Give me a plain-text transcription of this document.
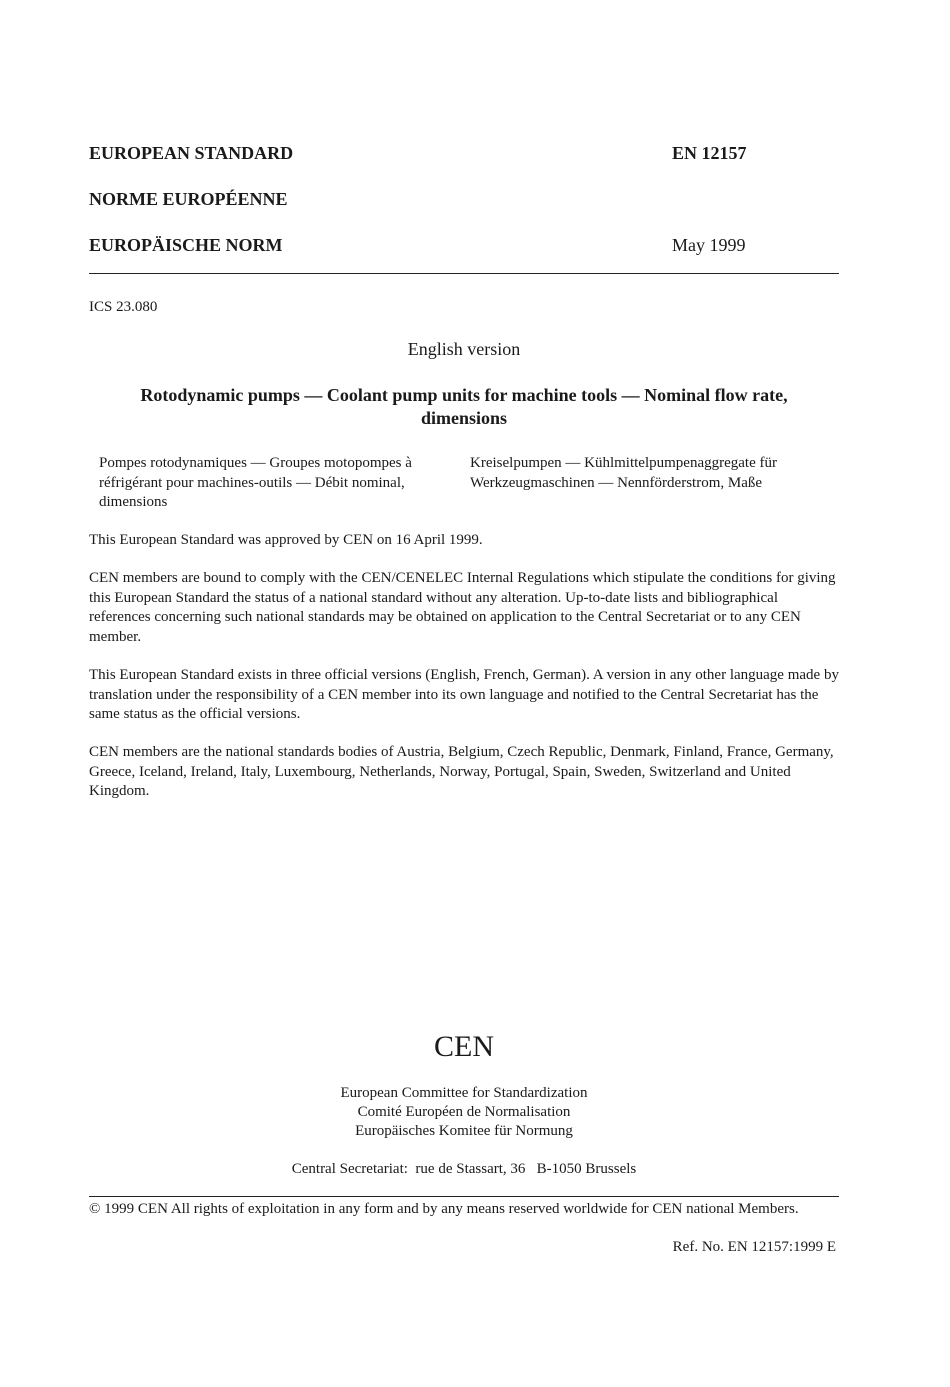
EUROPEAN STANDARD	EN 12157
NORME EUROPÉENNE
EUROPÄISCHE NORM	May 1999
ICS 23.080
English version
Rotodynamic pumps — Coolant pump units for machine tools — Nominal flow rate,
dimensions
Pompes rotodynamiques — Groupes motopompes à réfrigérant pour machines-outils — Débit nominal, dimensions
Kreiselpumpen — Kühlmittelpumpenaggregate für Werkzeugmaschinen — Nennförderstrom, Maße
This European Standard was approved by CEN on 16 April 1999.
CEN members are bound to comply with the CEN/CENELEC Internal Regulations which stipulate the conditions for giving this European Standard the status of a national standard without any alteration. Up-to-date lists and bibliographical references concerning such national standards may be obtained on application to the Central Secretariat or to any CEN member.
This European Standard exists in three official versions (English, French, German). A version in any other language made by translation under the responsibility of a CEN member into its own language and notified to the Central Secretariat has the same status as the official versions.
CEN members are the national standards bodies of Austria, Belgium, Czech Republic, Denmark, Finland, France, Germany, Greece, Iceland, Ireland, Italy, Luxembourg, Netherlands, Norway, Portugal, Spain, Sweden, Switzerland and United Kingdom.
CEN
European Committee for Standardization
Comité Européen de Normalisation
Europäisches Komitee für Normung
Central Secretariat:  rue de Stassart, 36   B-1050 Brussels
© 1999 CEN All rights of exploitation in any form and by any means reserved worldwide for CEN national Members.
Ref. No. EN 12157:1999 E
